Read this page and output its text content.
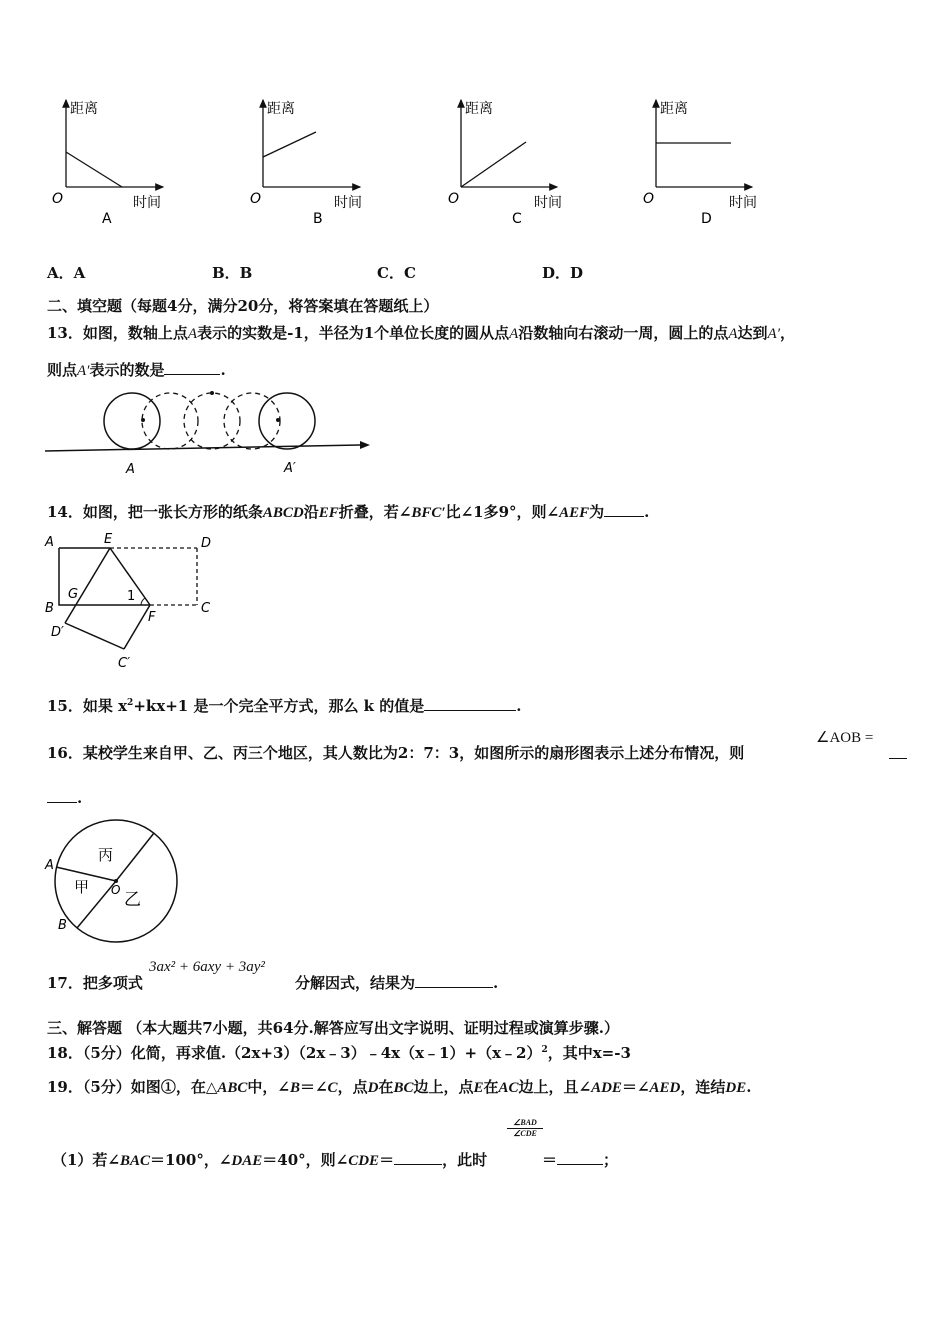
距离
时间
O
A
距离
时间
O
B
距离
时间
O
C
距离
时间
O
D
A．A	B．B	C．C	D．D
二、填空题（每题4分，满分20分，将答案填在答题纸上）
13．如图，数轴上点A表示的实数是-1，半径为1个单位长度的圆从点A沿数轴向右滚动一周，圆上的点A达到A′，
则点A′表示的数是	.
A	A′
14．如图，把一张长方形的纸条ABCD沿EF折叠，若∠BFC′比∠1多9°，则∠AEF为	.
A	E	D
B
G	1
F
C
D′
C′
15．如果 $x^2+kx+1$ 是一个完全平方式，那么 k 的值是	.
16．某校学生来自甲、乙、丙三个地区，其人数比为2：7：3，如图所示的扇形图表示上述分布情况，则
∠AOB =
.
丙
甲
乙
O
A
B
17．把多项式
3ax² + 6axy + 3ay²
分解因式，结果为	.
三、解答题 （本大题共7小题，共64分.解答应写出文字说明、证明过程或演算步骤.）
18．（5分）化简，再求值.（2x+3）（2x﹣3）﹣4x（x﹣1）+（x﹣2）$^2$，其中x=-3
19．（5分）如图①，在△ABC中，∠B＝∠C，点D在BC边上，点E在AC边上，且∠ADE＝∠AED，连结DE.
∠BAD
∠CDE
（1）若∠BAC＝100°，∠DAE＝40°，则∠CDE＝	，此时	＝	；
